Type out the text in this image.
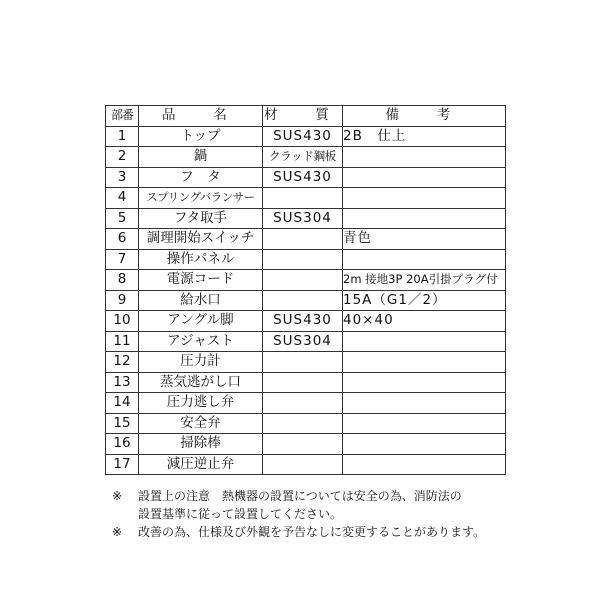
部番	品　名	材　質	備　考
1	トップ	SUS430	2B　仕上
2	鍋	クラッド鋼板	
3	フ　タ	SUS430	
4	スプリングバランサー		
5	フタ取手	SUS304	
6	調理開始スイッチ		青色
7	操作パネル		
8	電源コード		2m 接地3P 20A引掛プラグ付
9	給水口		15A（G1／2）
10	アングル脚	SUS430	40×40
11	アジャスト	SUS304	
12	圧力計		
13	蒸気逃がし口		
14	圧力逃し弁		
15	安全弁		
16	掃除棒		
17	減圧逆止弁		
※ 設置上の注意　熱機器の設置については安全の為、消防法の
設置基準に従って設置してください。
※ 改善の為、仕様及び外観を予告なしに変更することがあります。
